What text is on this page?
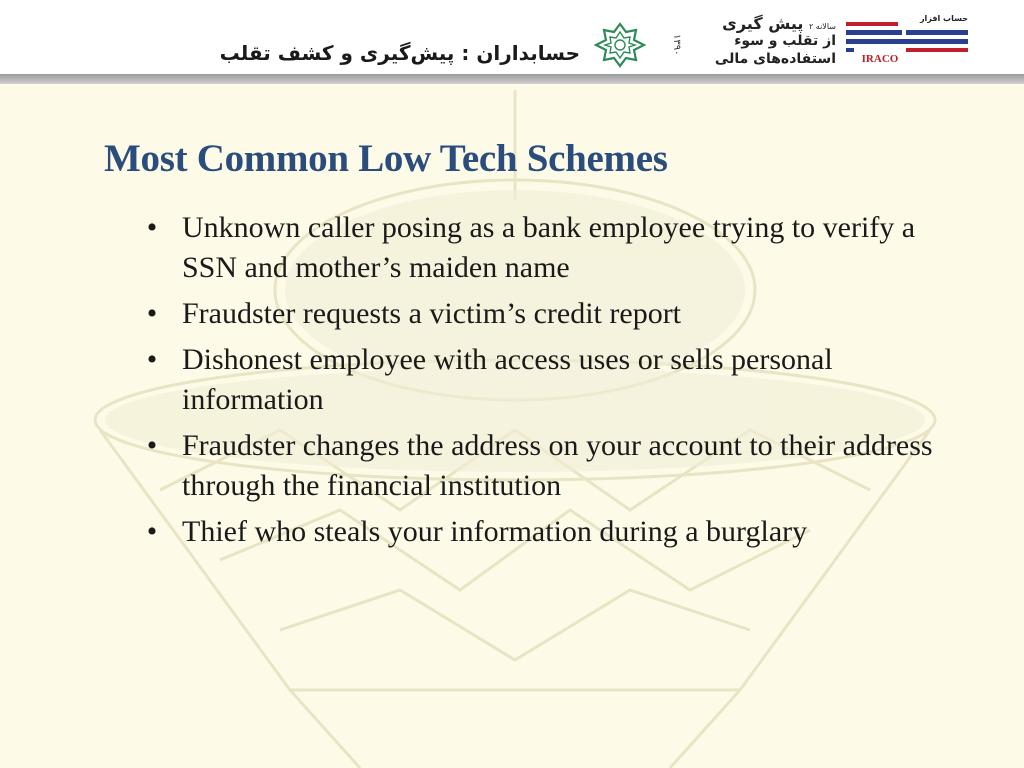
حسابداران : پیش‌گیری و کشف تقلب	۱۳۹۰
سالانه ۲ پیش گیری
از تقلب و سوء
استفاده‌های مالی
حساب افزار
IRACO
Most Common Low Tech Schemes
• Unknown caller posing as a bank employee trying to verify a SSN and mother’s maiden name
• Fraudster requests a victim’s credit report
• Dishonest employee with access uses or sells personal information
• Fraudster changes the address on your account to their address through the financial institution
• Thief who steals your information during a burglary
